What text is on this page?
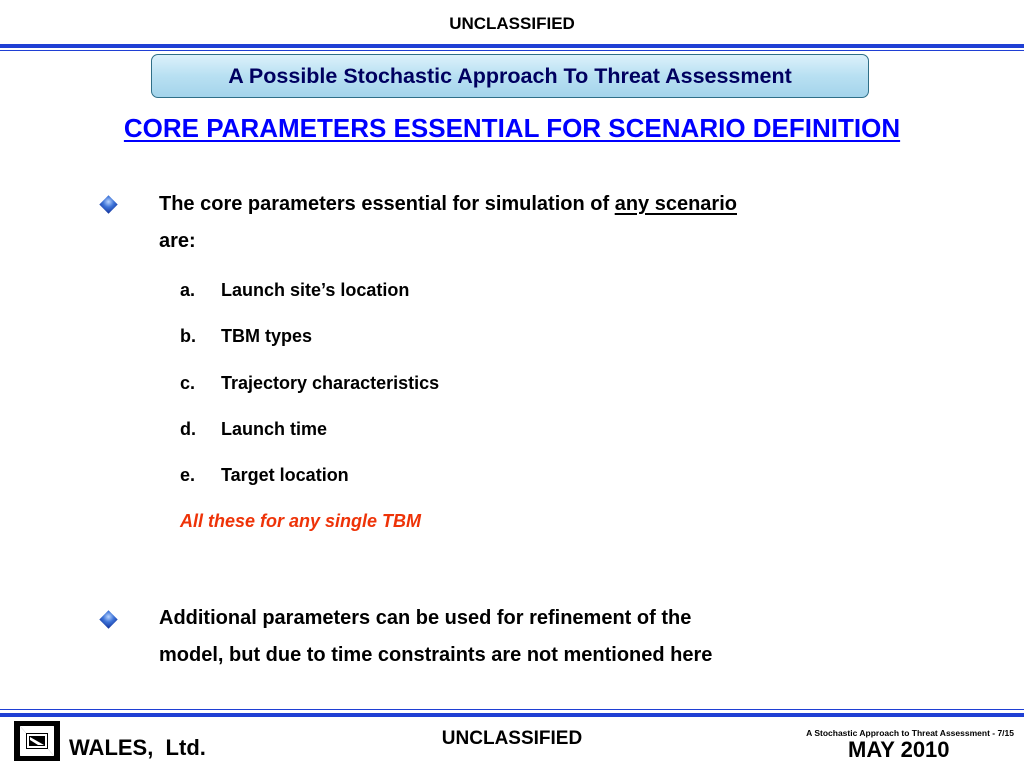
UNCLASSIFIED
A Possible Stochastic Approach To Threat Assessment
CORE PARAMETERS ESSENTIAL FOR SCENARIO DEFINITION
The core parameters essential for simulation of any scenario
are:
a. Launch site’s location
b. TBM types
c. Trajectory characteristics
d. Launch time
e. Target location
All these for any single TBM
Additional parameters can be used for refinement of the
model, but due to time constraints are not mentioned here
WALES,  Ltd.	UNCLASSIFIED	A Stochastic Approach to Threat Assessment - 7/15
MAY 2010
